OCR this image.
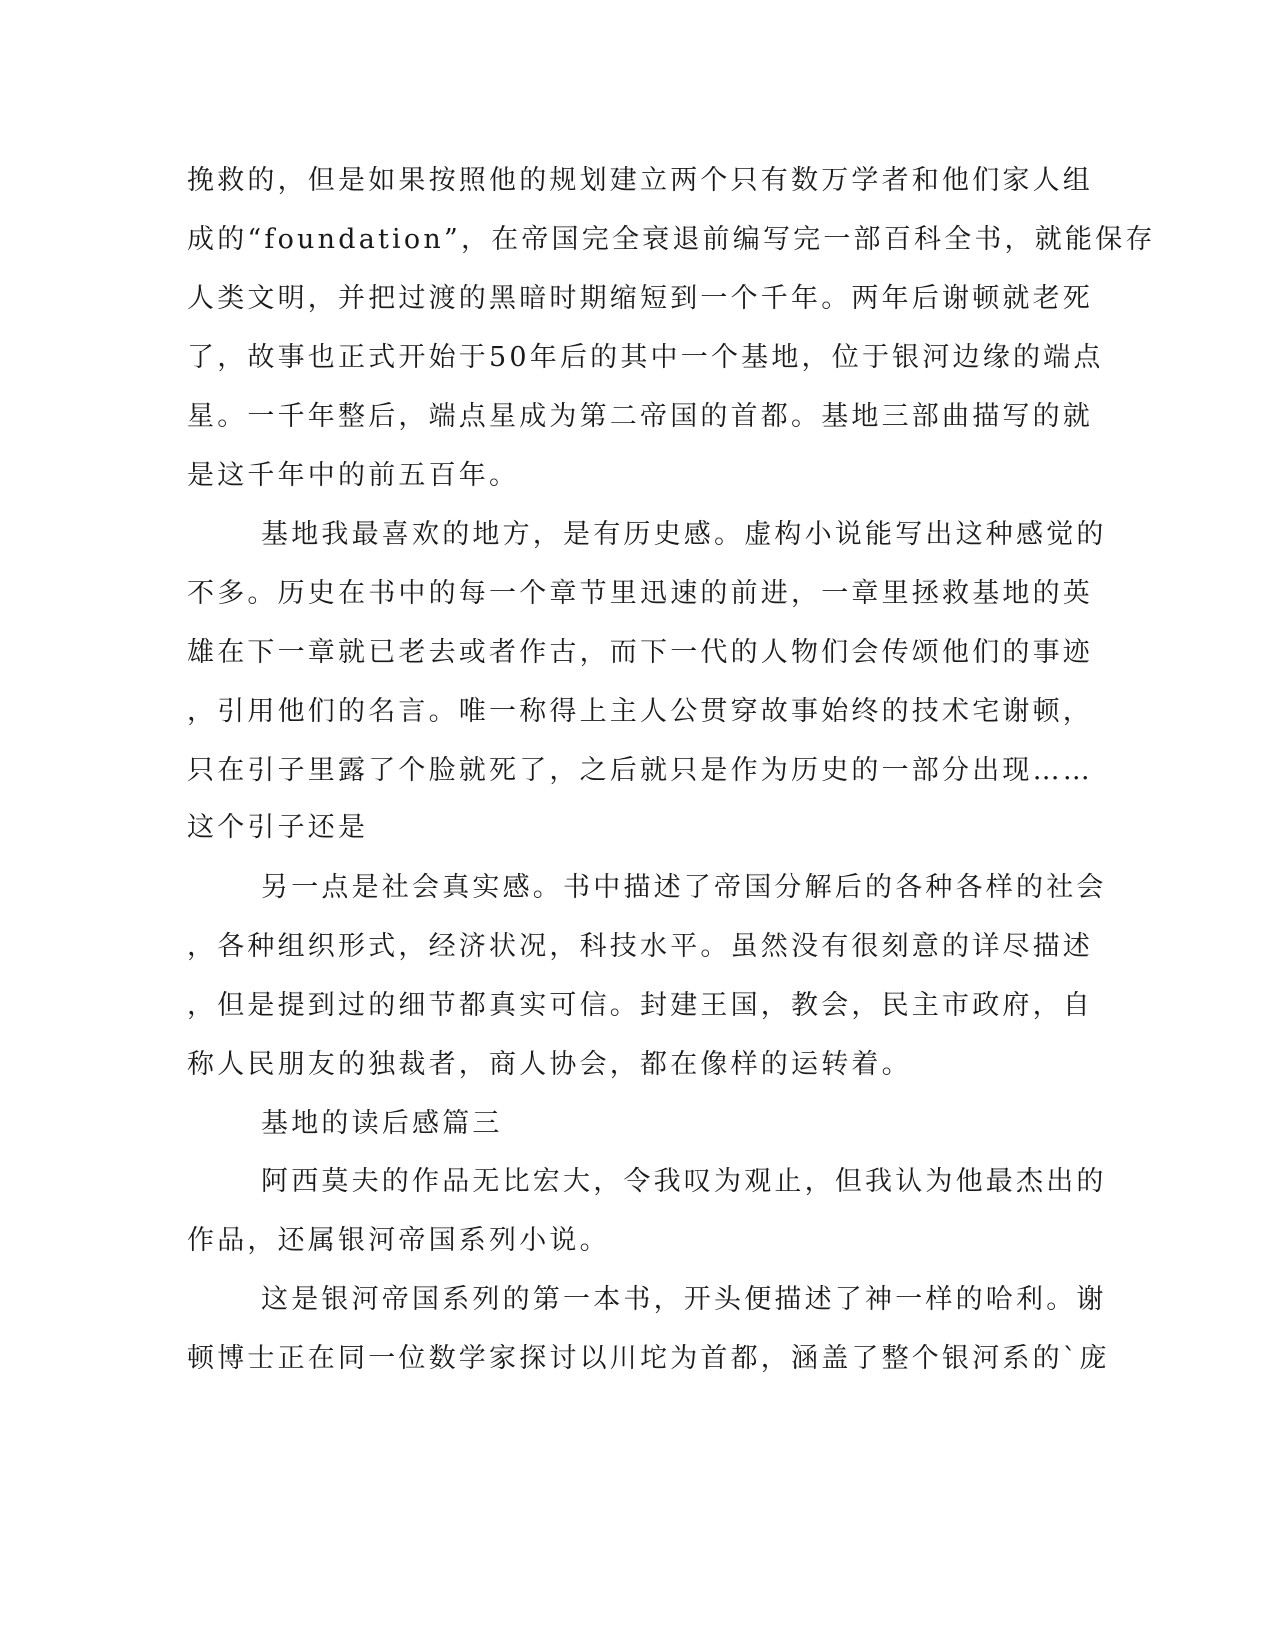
挽救的，但是如果按照他的规划建立两个只有数万学者和他们家人组
成的“foundation”，在帝国完全衰退前编写完一部百科全书，就能保存
人类文明，并把过渡的黑暗时期缩短到一个千年。两年后谢顿就老死
了，故事也正式开始于50年后的其中一个基地，位于银河边缘的端点
星。一千年整后，端点星成为第二帝国的首都。基地三部曲描写的就
是这千年中的前五百年。
基地我最喜欢的地方，是有历史感。虚构小说能写出这种感觉的
不多。历史在书中的每一个章节里迅速的前进，一章里拯救基地的英
雄在下一章就已老去或者作古，而下一代的人物们会传颂他们的事迹
，引用他们的名言。唯一称得上主人公贯穿故事始终的技术宅谢顿，
只在引子里露了个脸就死了，之后就只是作为历史的一部分出现……
这个引子还是
另一点是社会真实感。书中描述了帝国分解后的各种各样的社会
，各种组织形式，经济状况，科技水平。虽然没有很刻意的详尽描述
，但是提到过的细节都真实可信。封建王国，教会，民主市政府，自
称人民朋友的独裁者，商人协会，都在像样的运转着。
基地的读后感篇三
阿西莫夫的作品无比宏大，令我叹为观止，但我认为他最杰出的
作品，还属银河帝国系列小说。
这是银河帝国系列的第一本书，开头便描述了神一样的哈利。谢
顿博士正在同一位数学家探讨以川坨为首都，涵盖了整个银河系的`庞
